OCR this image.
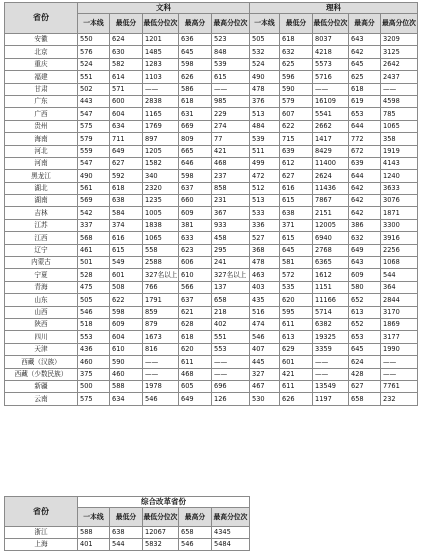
省份	文科					理科				
	一本线	最低分	最低分位次	最高分	最高分位次	一本线	最低分	最低分位次	最高分	最高分位次
安徽	550	624	1201	636	523	505	618	8037	643	3209
北京	576	630	1485	645	848	532	632	4218	642	3125
重庆	524	582	1283	598	539	524	625	5573	645	2642
福建	551	614	1103	626	615	490	596	5716	625	2437
甘肃	502	571	——	586	——	478	590	——	618	——
广东	443	600	2838	618	985	376	579	16109	619	4598
广西	547	604	1165	631	229	513	607	5541	653	785
贵州	575	634	1769	669	274	484	622	2662	644	1065
海南	579	711	897	809	77	539	715	1417	772	358
河北	559	649	1205	665	421	511	639	8429	672	1919
河南	547	627	1582	646	468	499	612	11400	639	4143
黑龙江	490	592	340	598	237	472	627	2624	644	1240
湖北	561	618	2320	637	858	512	616	11436	642	3633
湖南	569	638	1235	660	231	513	615	7867	642	3076
吉林	542	584	1005	609	367	533	638	2151	642	1871
江苏	337	374	1838	381	933	336	371	12005	386	3300
江西	568	616	1065	633	458	527	615	6940	632	3916
辽宁	461	615	558	623	295	368	645	2768	649	2256
内蒙古	501	549	2588	606	241	478	581	6365	643	1068
宁夏	528	601	327名以上	610	327名以上	463	572	1612	609	544
青海	475	508	766	566	137	403	535	1151	580	364
山东	505	622	1791	637	658	435	620	11166	652	2844
山西	546	598	859	621	218	516	595	5714	613	3170
陕西	518	609	879	628	402	474	611	6382	652	1869
四川	553	604	1673	618	551	546	613	19325	653	3177
天津	436	610	816	620	553	407	629	3359	645	1990
西藏（汉族）	460	590	——	611	——	445	601	——	624	——
西藏（少数民族）	375	460	——	468	——	327	421	——	428	——
新疆	500	588	1978	605	696	467	611	13549	627	7761
云南	575	634	546	649	126	530	626	1197	658	232
省份	综合改革省份				
	一本线	最低分	最低分位次	最高分	最高分位次
浙江	588	638	12067	658	4345
上海	401	544	5832	546	5484
